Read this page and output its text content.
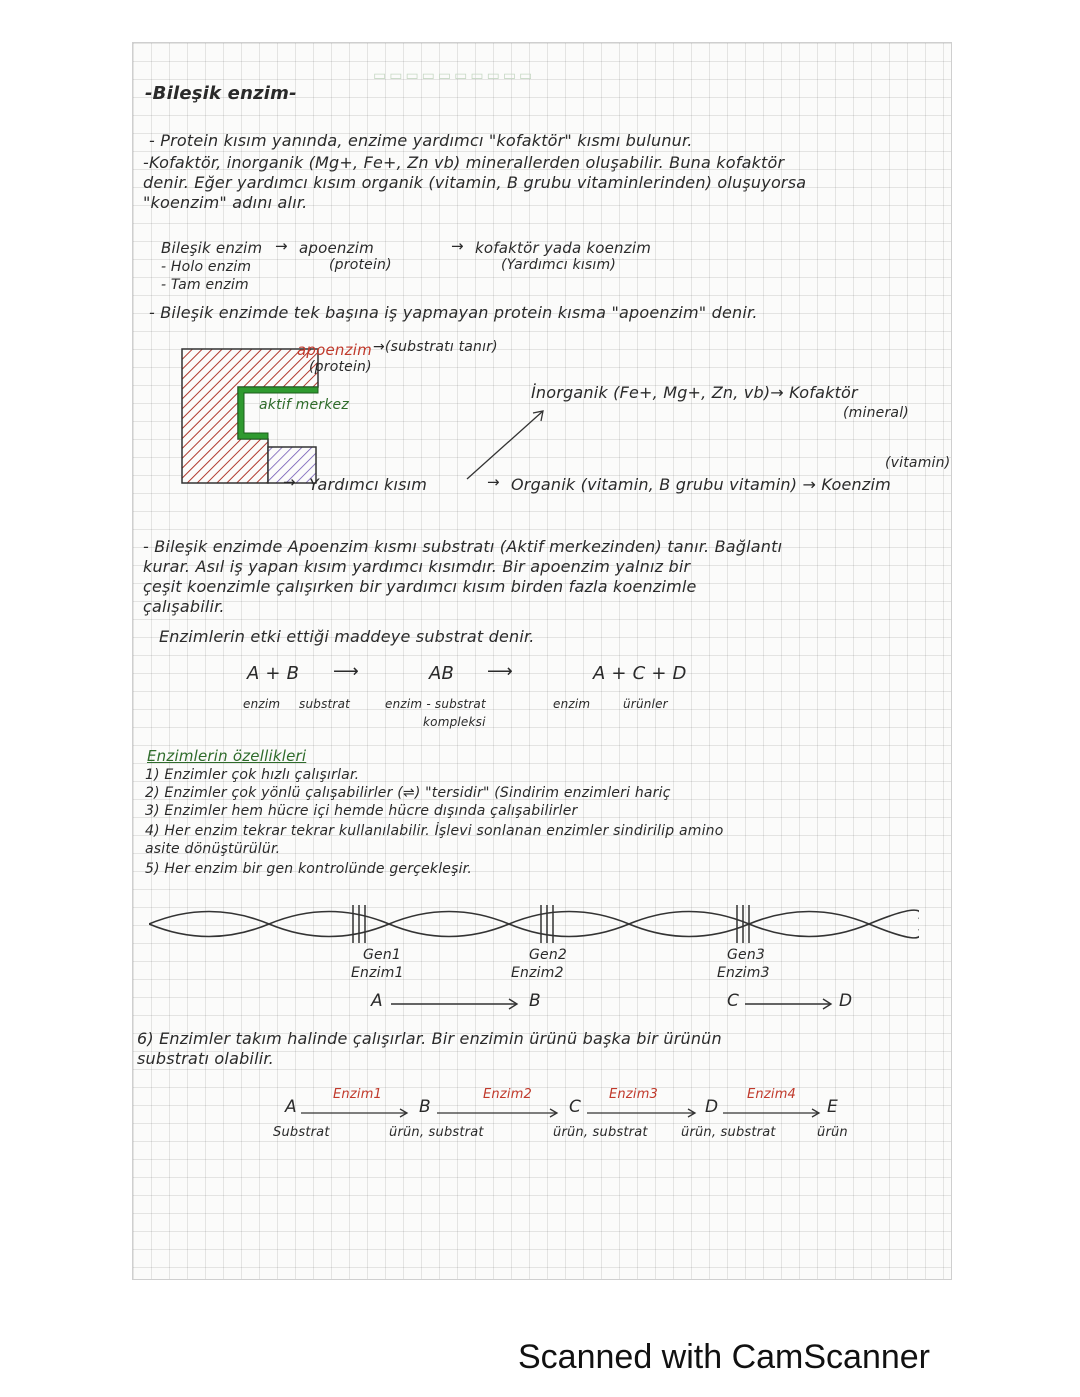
▭▭▭▭▭▭▭▭▭▭
-Bileşik enzim-
- Protein kısım yanında, enzime yardımcı "kofaktör" kısmı bulunur.
-Kofaktör, inorganik (Mg+, Fe+, Zn vb) minerallerden oluşabilir. Buna kofaktör
denir. Eğer yardımcı kısım organik (vitamin, B grubu vitaminlerinden) oluşuyorsa
"koenzim" adını alır.
Bileşik enzim → apoenzim
(protein)
→ kofaktör yada koenzim
(Yardımcı kısım)
- Holo enzim
- Tam enzim
- Bileşik enzimde tek başına iş yapmayan protein kısma "apoenzim" denir.
apoenzim →(substratı tanır)
(protein)
aktif merkez
İnorganik (Fe+, Mg+, Zn, vb)→ Kofaktör
(mineral)
(vitamin)
→ Yardımcı kısım	→ Organik (vitamin, B grubu vitamin) → Koenzim
- Bileşik enzimde Apoenzim kısmı substratı (Aktif merkezinden) tanır. Bağlantı
kurar. Asıl iş yapan kısım yardımcı kısımdır. Bir apoenzim yalnız bir
çeşit koenzimle çalışırken bir yardımcı kısım birden fazla koenzimle
çalışabilir.
Enzimlerin etki ettiği maddeye substrat denir.
A + B ⟶	AB ⟶	A + C + D
enzim substrat	enzim - substrat
kompleksi
enzim	ürünler
Enzimlerin özellikleri
1) Enzimler çok hızlı çalışırlar.
2) Enzimler çok yönlü çalışabilirler (⇌) "tersidir" (Sindirim enzimleri hariç
3) Enzimler hem hücre içi hemde hücre dışında çalışabilirler
4) Her enzim tekrar tekrar kullanılabilir. İşlevi sonlanan enzimler sindirilip amino
asite dönüştürülür.
5) Her enzim bir gen kontrolünde gerçekleşir.
Gen1
Enzim1
Gen2
Enzim2
Gen3
Enzim3
A	B	C	D
6) Enzimler takım halinde çalışırlar. Bir enzimin ürünü başka bir ürünün
substratı olabilir.
A
Enzim1
B
Enzim2
C
Enzim3
D
Enzim4
E
Substrat	ürün, substrat	ürün, substrat	ürün, substrat	ürün
Scanned with CamScanner
